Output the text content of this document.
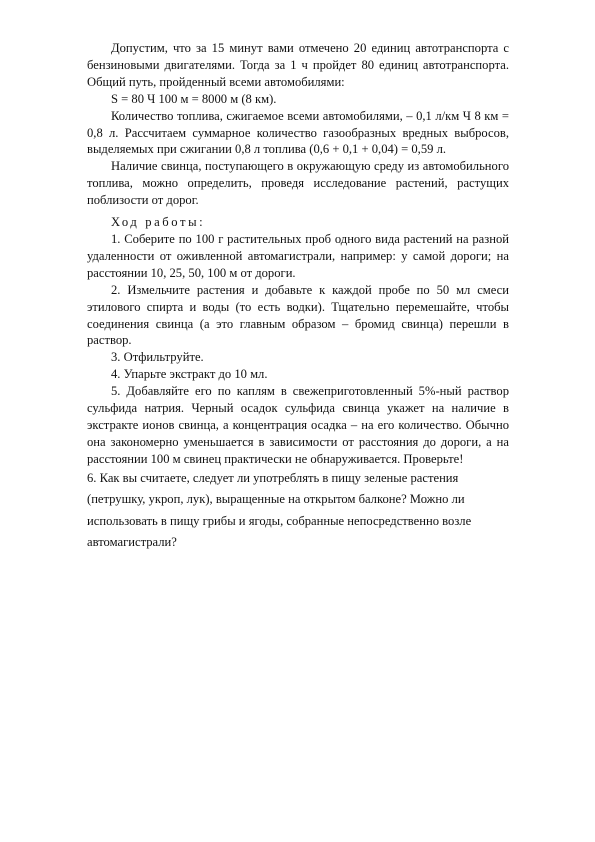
Допустим, что за 15 минут вами отмечено 20 единиц автотранспорта с бензиновыми двигателями. Тогда за 1 ч пройдет 80 единиц автотранспорта. Общий путь, пройденный всеми автомобилями:

S = 80 Ч 100 м = 8000 м (8 км).

Количество топлива, сжигаемое всеми автомобилями, – 0,1 л/км Ч 8 км = 0,8 л. Рассчитаем суммарное количество газообразных вредных выбросов, выделяемых при сжигании 0,8 л топлива (0,6 + 0,1 + 0,04) = 0,59 л.

Наличие свинца, поступающего в окружающую среду из автомобильного топлива, можно определить, проведя исследование растений, растущих поблизости от дорог.

Ход работы:

1. Соберите по 100 г растительных проб одного вида растений на разной удаленности от оживленной автомагистрали, например: у самой дороги; на расстоянии 10, 25, 50, 100 м от дороги.

2. Измельчите растения и добавьте к каждой пробе по 50 мл смеси этилового спирта и воды (то есть водки). Тщательно перемешайте, чтобы соединения свинца (а это главным образом – бромид свинца) перешли в раствор.

3. Отфильтруйте.

4. Упарьте экстракт до 10 мл.

5. Добавляйте его по каплям в свежеприготовленный 5%-ный раствор сульфида натрия. Черный осадок сульфида свинца укажет на наличие в экстракте ионов свинца, а концентрация осадка – на его количество. Обычно она закономерно уменьшается в зависимости от расстояния до дороги, а на расстоянии 100 м свинец практически не обнаруживается. Проверьте!

6. Как вы считаете, следует ли употреблять в пищу зеленые растения (петрушку, укроп, лук), выращенные на открытом балконе? Можно ли использовать в пищу грибы и ягоды, собранные непосредственно возле автомагистрали?
